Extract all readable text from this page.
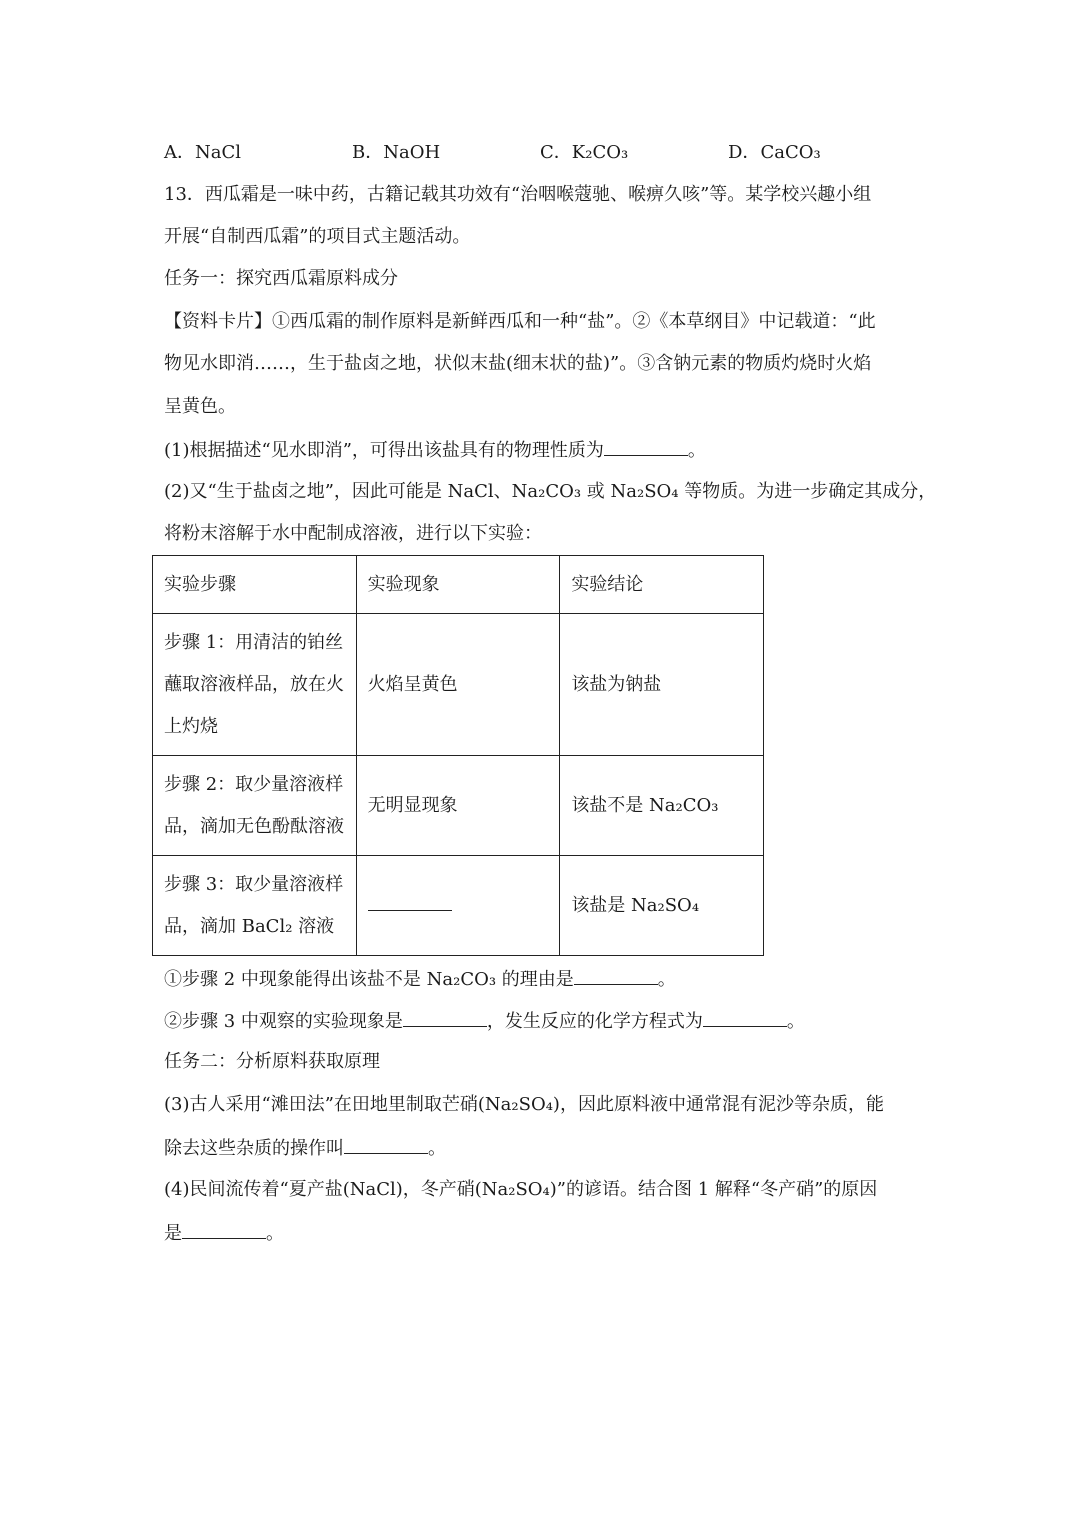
A．NaCl	B．NaOH	C．K₂CO₃	D．CaCO₃
13．西瓜霜是一味中药，古籍记载其功效有“治咽喉蔻驰、喉痹久咳”等。某学校兴趣小组
开展“自制西瓜霜”的项目式主题活动。
任务一：探究西瓜霜原料成分
【资料卡片】①西瓜霜的制作原料是新鲜西瓜和一种“盐”。②《本草纲目》中记载道：“此
物见水即消……，生于盐卤之地，状似末盐(细末状的盐)”。③含钠元素的物质灼烧时火焰
呈黄色。
(1)根据描述“见水即消”，可得出该盐具有的物理性质为	。
(2)又“生于盐卤之地”，因此可能是 NaCl、Na₂CO₃ 或 Na₂SO₄ 等物质。为进一步确定其成分，
将粉末溶解于水中配制成溶液，进行以下实验：
实验步骤	实验现象	实验结论

步骤 1：用清洁的铂丝
蘸取溶液样品，放在火
上灼烧	火焰呈黄色	该盐为钠盐

步骤 2：取少量溶液样
品，滴加无色酚酞溶液	无明显现象	该盐不是 Na₂CO₃

步骤 3：取少量溶液样
品，滴加 BaCl₂ 溶液		该盐是 Na₂SO₄
①步骤 2 中现象能得出该盐不是 Na₂CO₃ 的理由是	。
②步骤 3 中观察的实验现象是	，发生反应的化学方程式为	。
任务二：分析原料获取原理
(3)古人采用“滩田法”在田地里制取芒硝(Na₂SO₄)，因此原料液中通常混有泥沙等杂质，能
除去这些杂质的操作叫	。
(4)民间流传着“夏产盐(NaCl)，冬产硝(Na₂SO₄)”的谚语。结合图 1 解释“冬产硝”的原因
是	。
